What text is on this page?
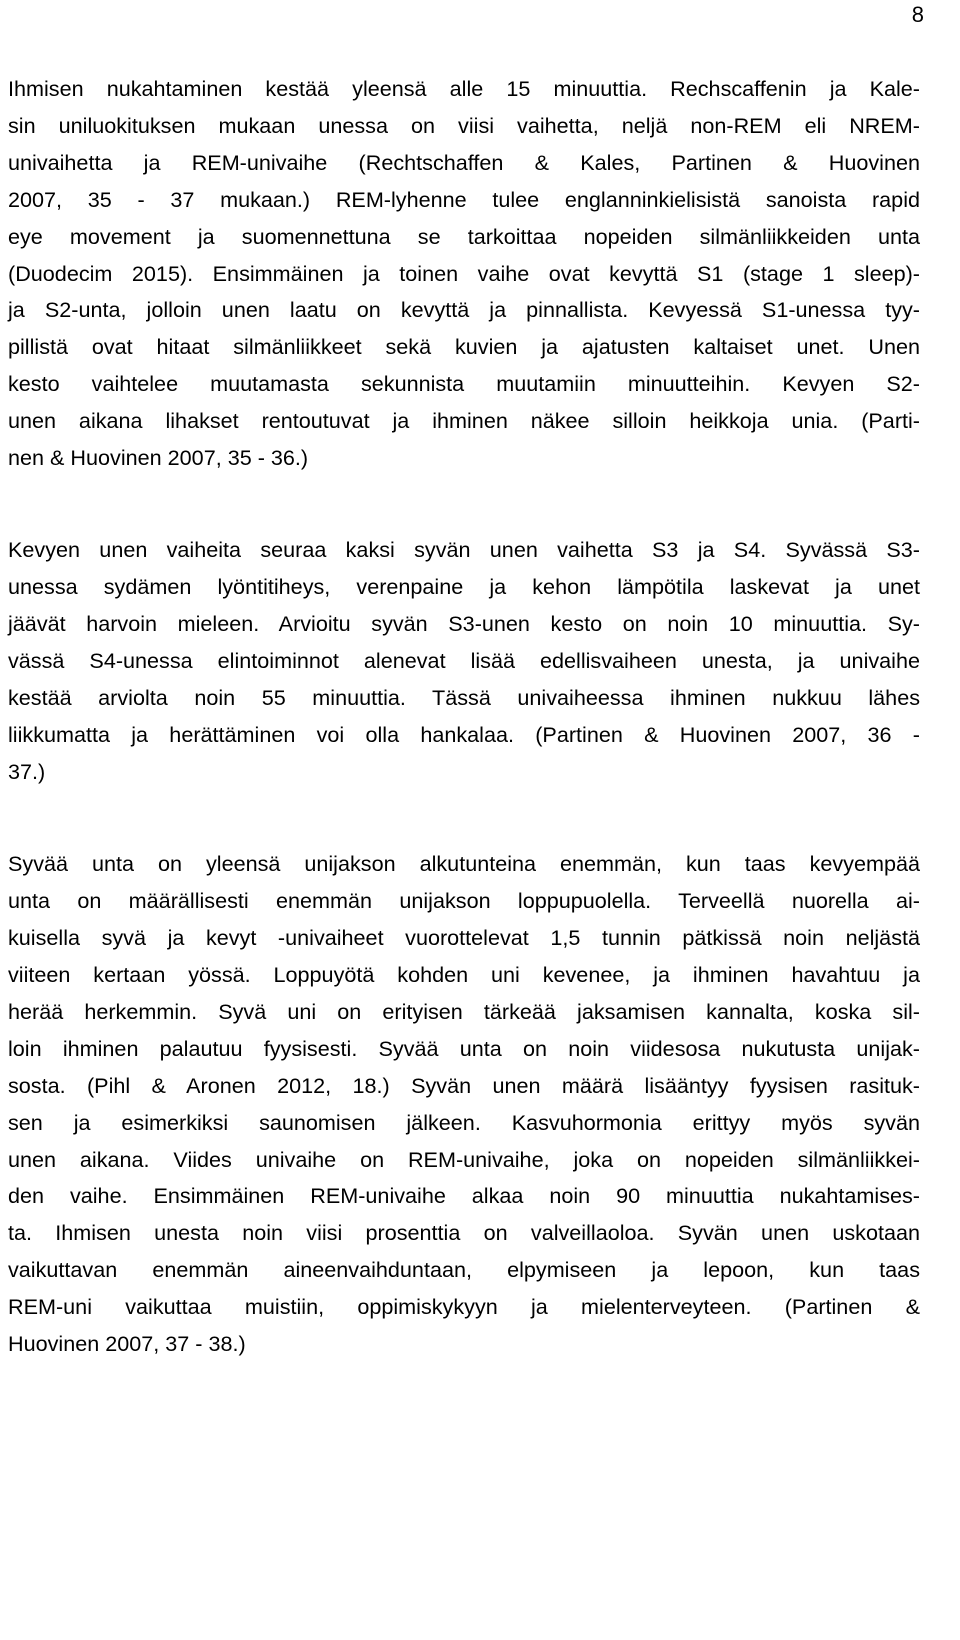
8
Ihmisen nukahtaminen kestää yleensä alle 15 minuuttia. Rechscaffenin ja Kale-
sin uniluokituksen mukaan unessa on viisi vaihetta, neljä non-REM eli NREM-
univaihetta ja REM-univaihe (Rechtschaffen & Kales, Partinen & Huovinen
2007, 35 - 37 mukaan.) REM-lyhenne tulee englanninkielisistä sanoista rapid
eye movement ja suomennettuna se tarkoittaa nopeiden silmänliikkeiden unta
(Duodecim 2015). Ensimmäinen ja toinen vaihe ovat kevyttä S1 (stage 1 sleep)-
ja S2-unta, jolloin unen laatu on kevyttä ja pinnallista. Kevyessä S1-unessa tyy-
pillistä ovat hitaat silmänliikkeet sekä kuvien ja ajatusten kaltaiset unet. Unen
kesto vaihtelee muutamasta sekunnista muutamiin minuutteihin. Kevyen S2-
unen aikana lihakset rentoutuvat ja ihminen näkee silloin heikkoja unia. (Parti-
nen & Huovinen 2007, 35 - 36.)
Kevyen unen vaiheita seuraa kaksi syvän unen vaihetta S3 ja S4. Syvässä S3-
unessa sydämen lyöntitiheys, verenpaine ja kehon lämpötila laskevat ja unet
jäävät harvoin mieleen. Arvioitu syvän S3-unen kesto on noin 10 minuuttia. Sy-
vässä S4-unessa elintoiminnot alenevat lisää edellisvaiheen unesta, ja univaihe
kestää arviolta noin 55 minuuttia. Tässä univaiheessa ihminen nukkuu lähes
liikkumatta ja herättäminen voi olla hankalaa. (Partinen & Huovinen 2007, 36 -
37.)
Syvää unta on yleensä unijakson alkutunteina enemmän, kun taas kevyempää
unta on määrällisesti enemmän unijakson loppupuolella. Terveellä nuorella ai-
kuisella syvä ja kevyt -univaiheet vuorottelevat 1,5 tunnin pätkissä noin neljästä
viiteen kertaan yössä. Loppuyötä kohden uni kevenee, ja ihminen havahtuu ja
herää herkemmin. Syvä uni on erityisen tärkeää jaksamisen kannalta, koska sil-
loin ihminen palautuu fyysisesti. Syvää unta on noin viidesosa nukutusta unijak-
sosta. (Pihl & Aronen 2012, 18.) Syvän unen määrä lisääntyy fyysisen rasituk-
sen ja esimerkiksi saunomisen jälkeen. Kasvuhormonia erittyy myös syvän
unen aikana. Viides univaihe on REM-univaihe, joka on nopeiden silmänliikkei-
den vaihe. Ensimmäinen REM-univaihe alkaa noin 90 minuuttia nukahtamises-
ta. Ihmisen unesta noin viisi prosenttia on valveillaoloa. Syvän unen uskotaan
vaikuttavan enemmän aineenvaihduntaan, elpymiseen ja lepoon, kun taas
REM-uni vaikuttaa muistiin, oppimiskykyyn ja mielenterveyteen. (Partinen &
Huovinen 2007, 37 - 38.)
